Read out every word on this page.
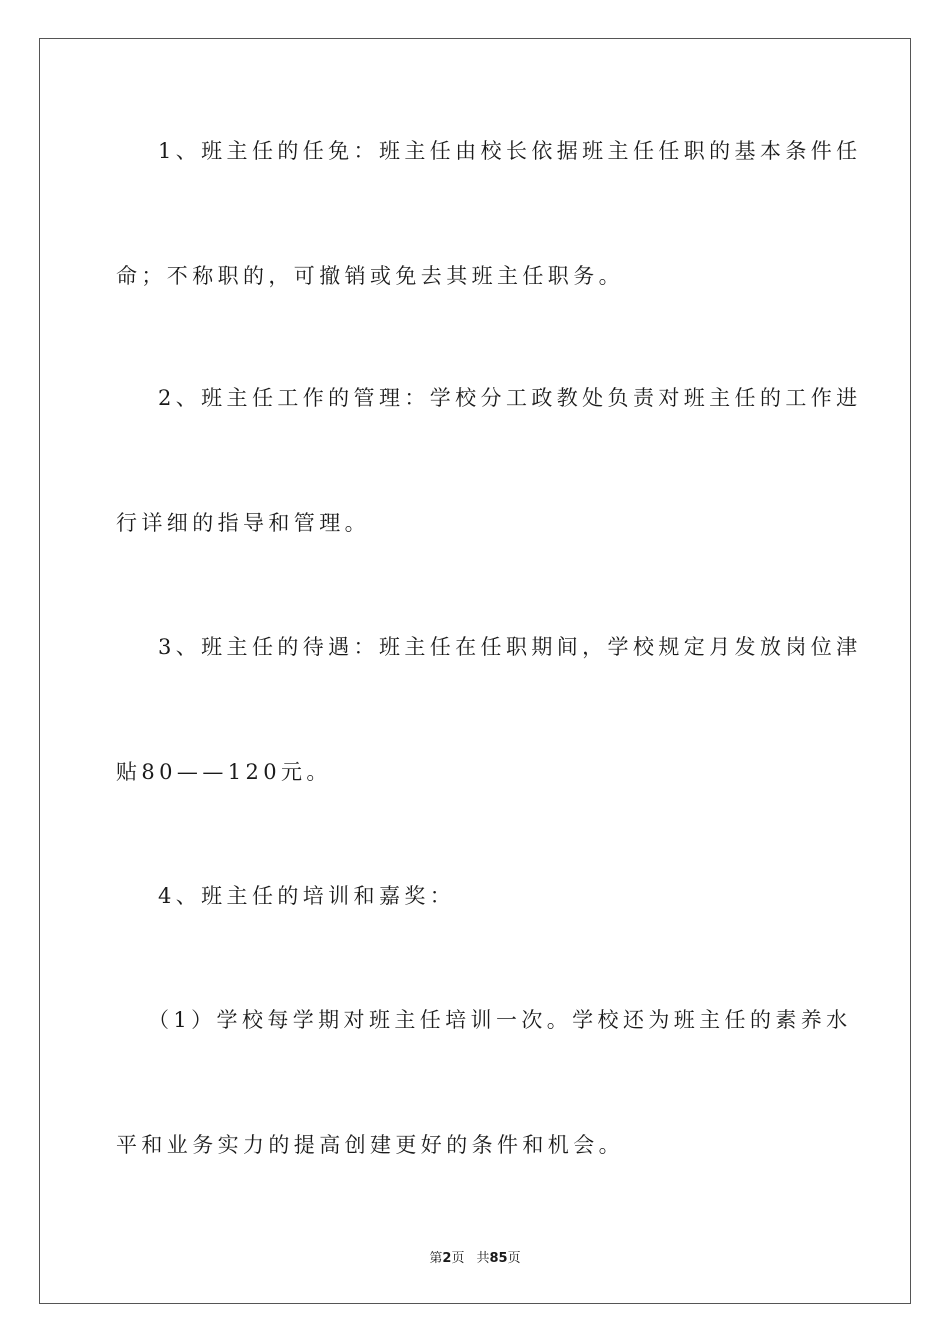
1、班主任的任免：班主任由校长依据班主任任职的基本条件任
命；不称职的，可撤销或免去其班主任职务。
2、班主任工作的管理：学校分工政教处负责对班主任的工作进
行详细的指导和管理。
3、班主任的待遇：班主任在任职期间，学校规定月发放岗位津
贴80——120元。
4、班主任的培训和嘉奖：
（1）学校每学期对班主任培训一次。学校还为班主任的素养水
平和业务实力的提高创建更好的条件和机会。
第2页 共85页
